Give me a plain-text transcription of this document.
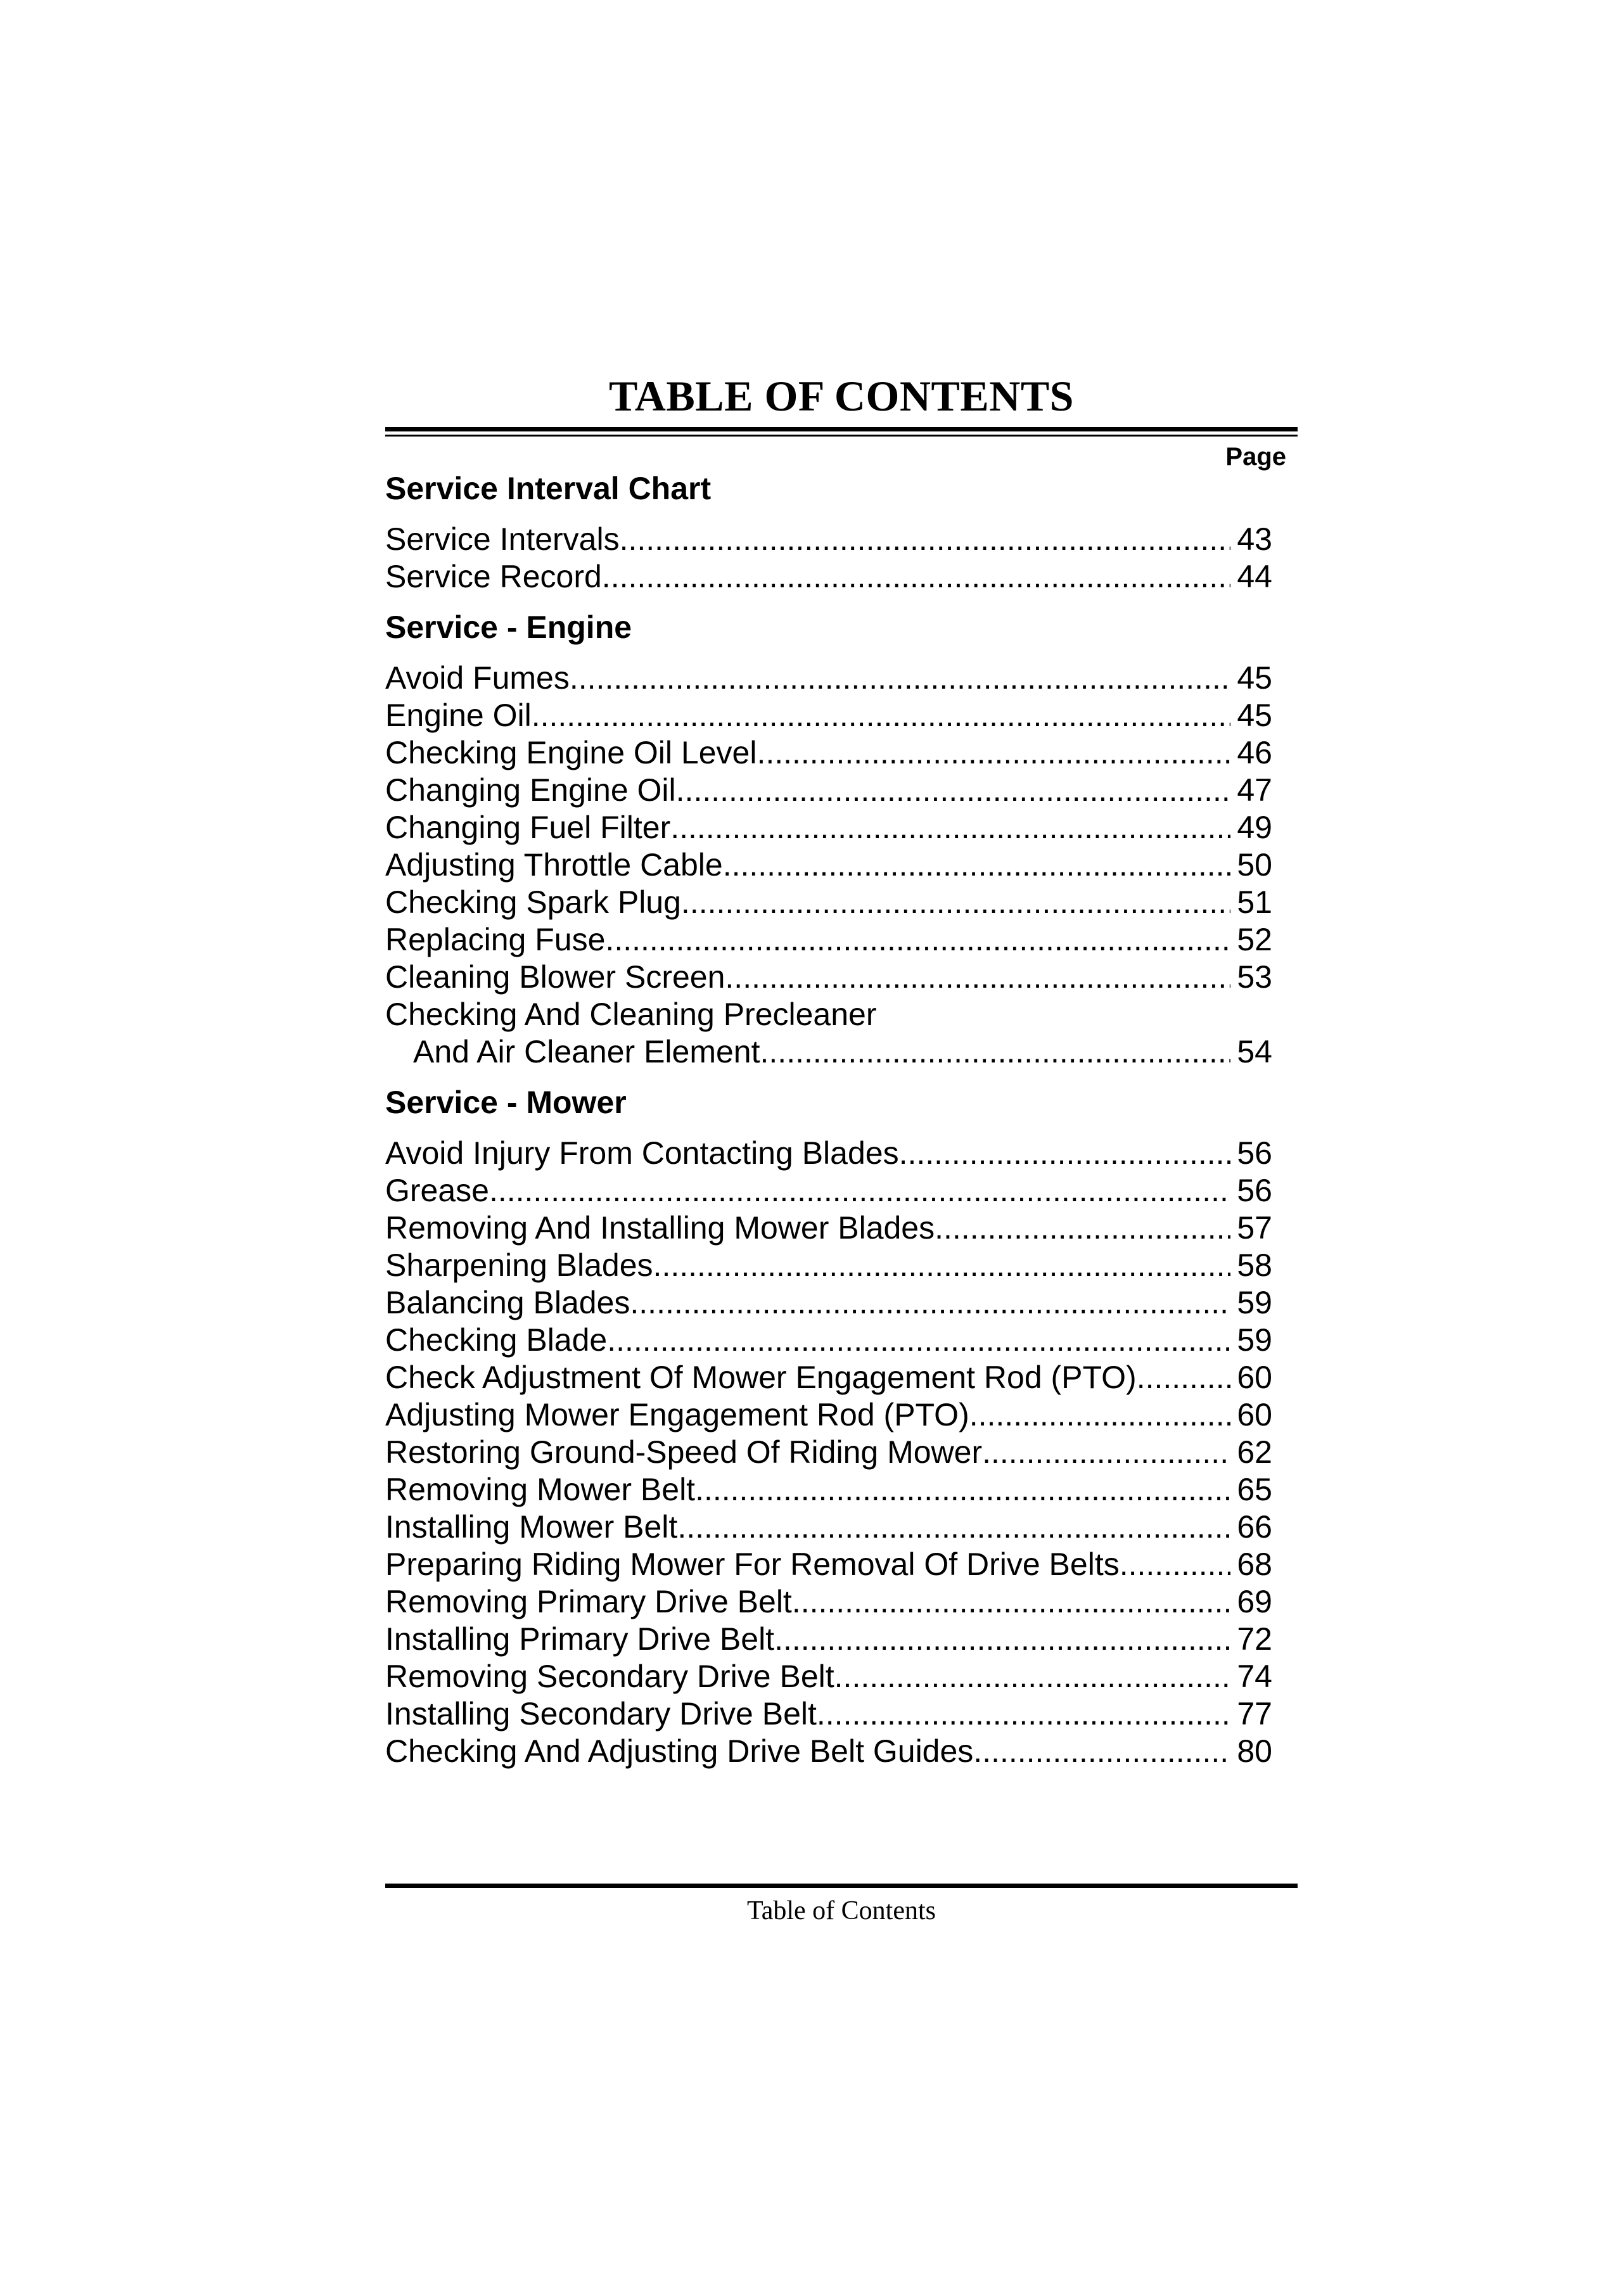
TABLE OF CONTENTS
Page
Service Interval Chart
Service Intervals .....	43
Service Record .....	44
Service - Engine
Avoid Fumes .....	45
Engine Oil .....	45
Checking Engine Oil Level .....	46
Changing Engine Oil .....	47
Changing Fuel Filter .....	49
Adjusting Throttle Cable .....	50
Checking Spark Plug .....	51
Replacing Fuse .....	52
Cleaning Blower Screen .....	53
Checking And Cleaning Precleaner
And Air Cleaner Element .....	54
Service - Mower
Avoid Injury From Contacting Blades .....	56
Grease .....	56
Removing And Installing Mower Blades .....	57
Sharpening Blades .....	58
Balancing Blades .....	59
Checking Blade .....	59
Check Adjustment Of Mower Engagement Rod (PTO) .....	60
Adjusting Mower Engagement Rod (PTO) .....	60
Restoring Ground-Speed Of Riding Mower .....	62
Removing Mower Belt .....	65
Installing Mower Belt .....	66
Preparing Riding Mower For Removal Of Drive Belts .....	68
Removing Primary Drive Belt .....	69
Installing Primary Drive Belt .....	72
Removing Secondary Drive Belt .....	74
Installing Secondary Drive Belt .....	77
Checking And Adjusting Drive Belt Guides .....	80
Table of Contents
